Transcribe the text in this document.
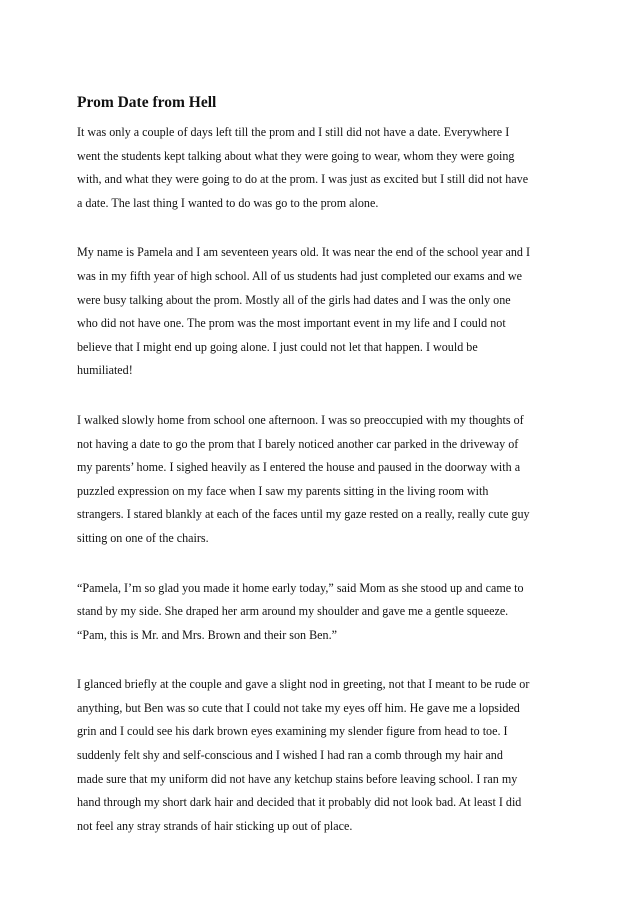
Prom Date from Hell
It was only a couple of days left till the prom and I still did not have a date. Everywhere I
went the students kept talking about what they were going to wear, whom they were going
with, and what they were going to do at the prom. I was just as excited but I still did not have
a date. The last thing I wanted to do was go to the prom alone.
My name is Pamela and I am seventeen years old. It was near the end of the school year and I
was in my fifth year of high school. All of us students had just completed our exams and we
were busy talking about the prom. Mostly all of the girls had dates and I was the only one
who did not have one. The prom was the most important event in my life and I could not
believe that I might end up going alone. I just could not let that happen. I would be
humiliated!
I walked slowly home from school one afternoon. I was so preoccupied with my thoughts of
not having a date to go the prom that I barely noticed another car parked in the driveway of
my parents’ home. I sighed heavily as I entered the house and paused in the doorway with a
puzzled expression on my face when I saw my parents sitting in the living room with
strangers. I stared blankly at each of the faces until my gaze rested on a really, really cute guy
sitting on one of the chairs.
“Pamela, I’m so glad you made it home early today,” said Mom as she stood up and came to
stand by my side. She draped her arm around my shoulder and gave me a gentle squeeze.
“Pam, this is Mr. and Mrs. Brown and their son Ben.”
I glanced briefly at the couple and gave a slight nod in greeting, not that I meant to be rude or
anything, but Ben was so cute that I could not take my eyes off him. He gave me a lopsided
grin and I could see his dark brown eyes examining my slender figure from head to toe. I
suddenly felt shy and self-conscious and I wished I had ran a comb through my hair and
made sure that my uniform did not have any ketchup stains before leaving school. I ran my
hand through my short dark hair and decided that it probably did not look bad. At least I did
not feel any stray strands of hair sticking up out of place.
